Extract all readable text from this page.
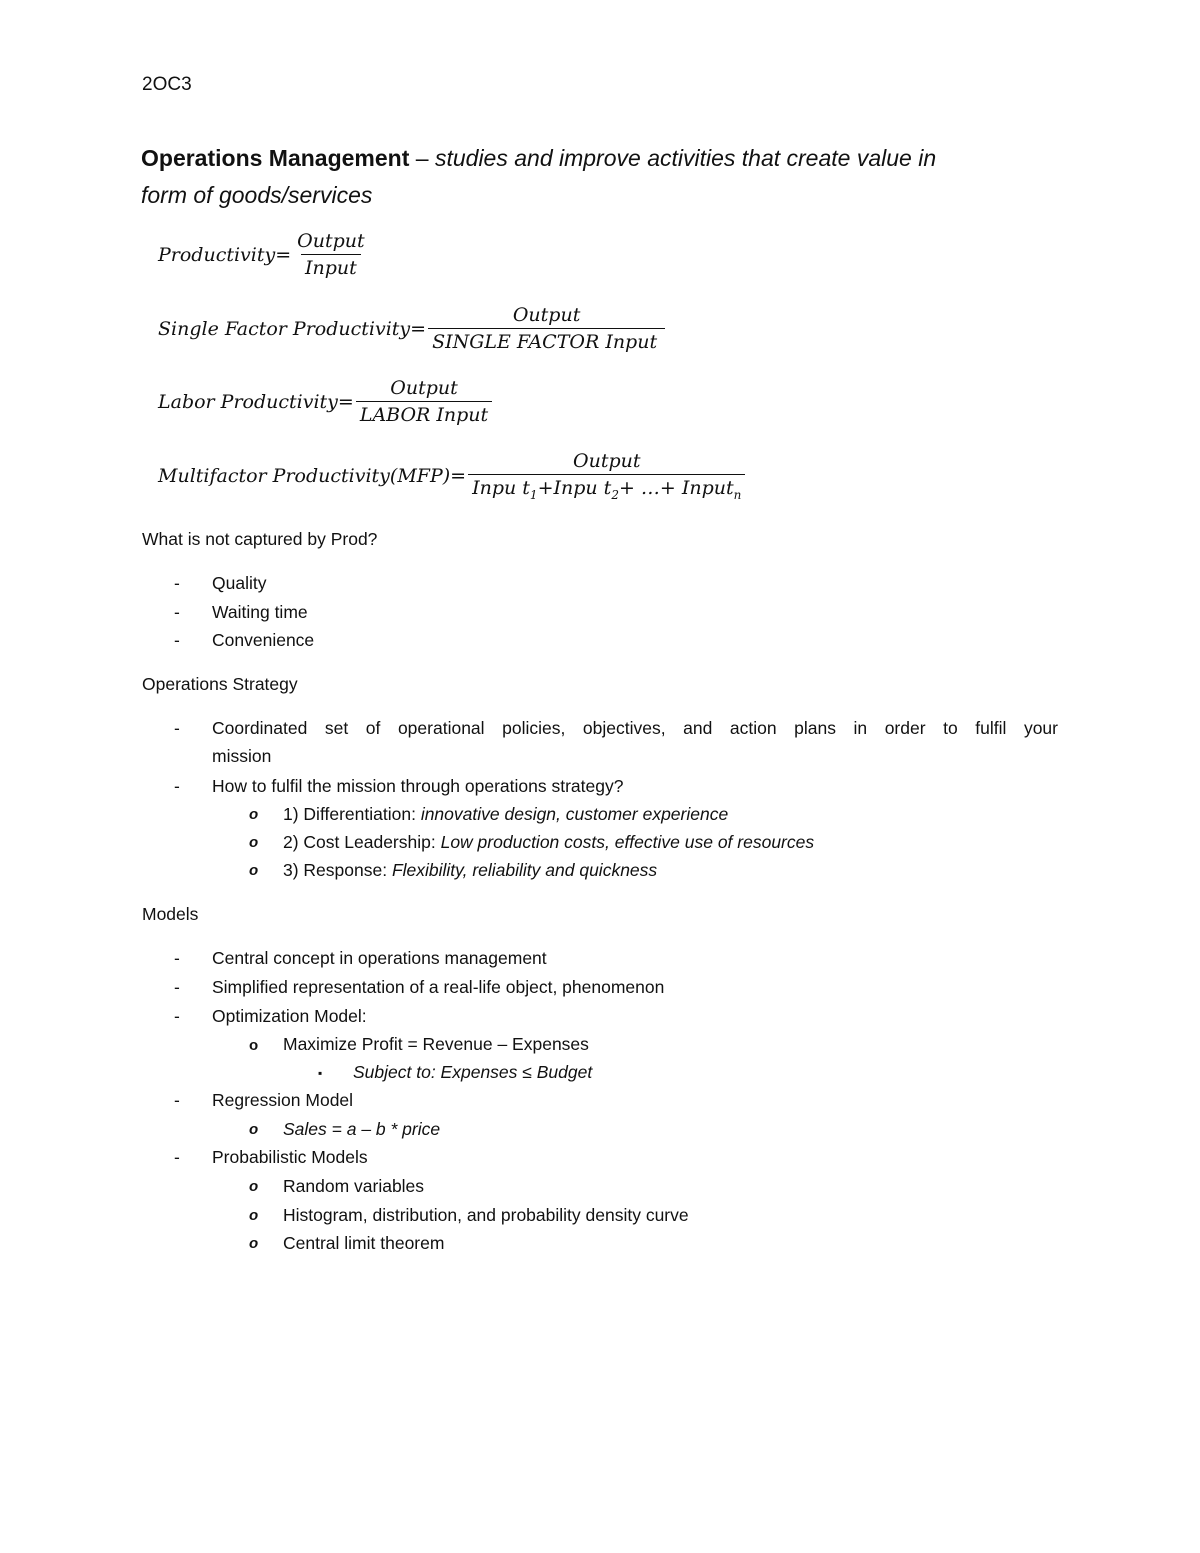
2OC3
Operations Management – studies and improve activities that create value in
form of goods/services
Productivity= $\frac{\text{Output}}{\text{Input}}$
Single Factor Productivity= $\frac{\text{Output}}{\text{SINGLE FACTOR Input}}$
Labor Productivity= $\frac{\text{Output}}{\text{LABOR Input}}$
Multifactor Productivity(MFP)= $\frac{\text{Output}}{Inpu t_1+Inpu t_2+ \dots+ Input_n}$
What is not captured by Prod?
- Quality
- Waiting time
- Convenience
Operations Strategy
- Coordinated set of operational policies, objectives, and action plans in order to fulfil your
mission
- How to fulfil the mission through operations strategy?
o 1) Differentiation: innovative design, customer experience
o 2) Cost Leadership: Low production costs, effective use of resources
o 3) Response: Flexibility, reliability and quickness
Models
- Central concept in operations management
- Simplified representation of a real-life object, phenomenon
- Optimization Model:
o Maximize Profit = Revenue – Expenses
▪ Subject to: Expenses ≤ Budget
- Regression Model
o Sales = a – b * price
- Probabilistic Models
o Random variables
o Histogram, distribution, and probability density curve
o Central limit theorem
